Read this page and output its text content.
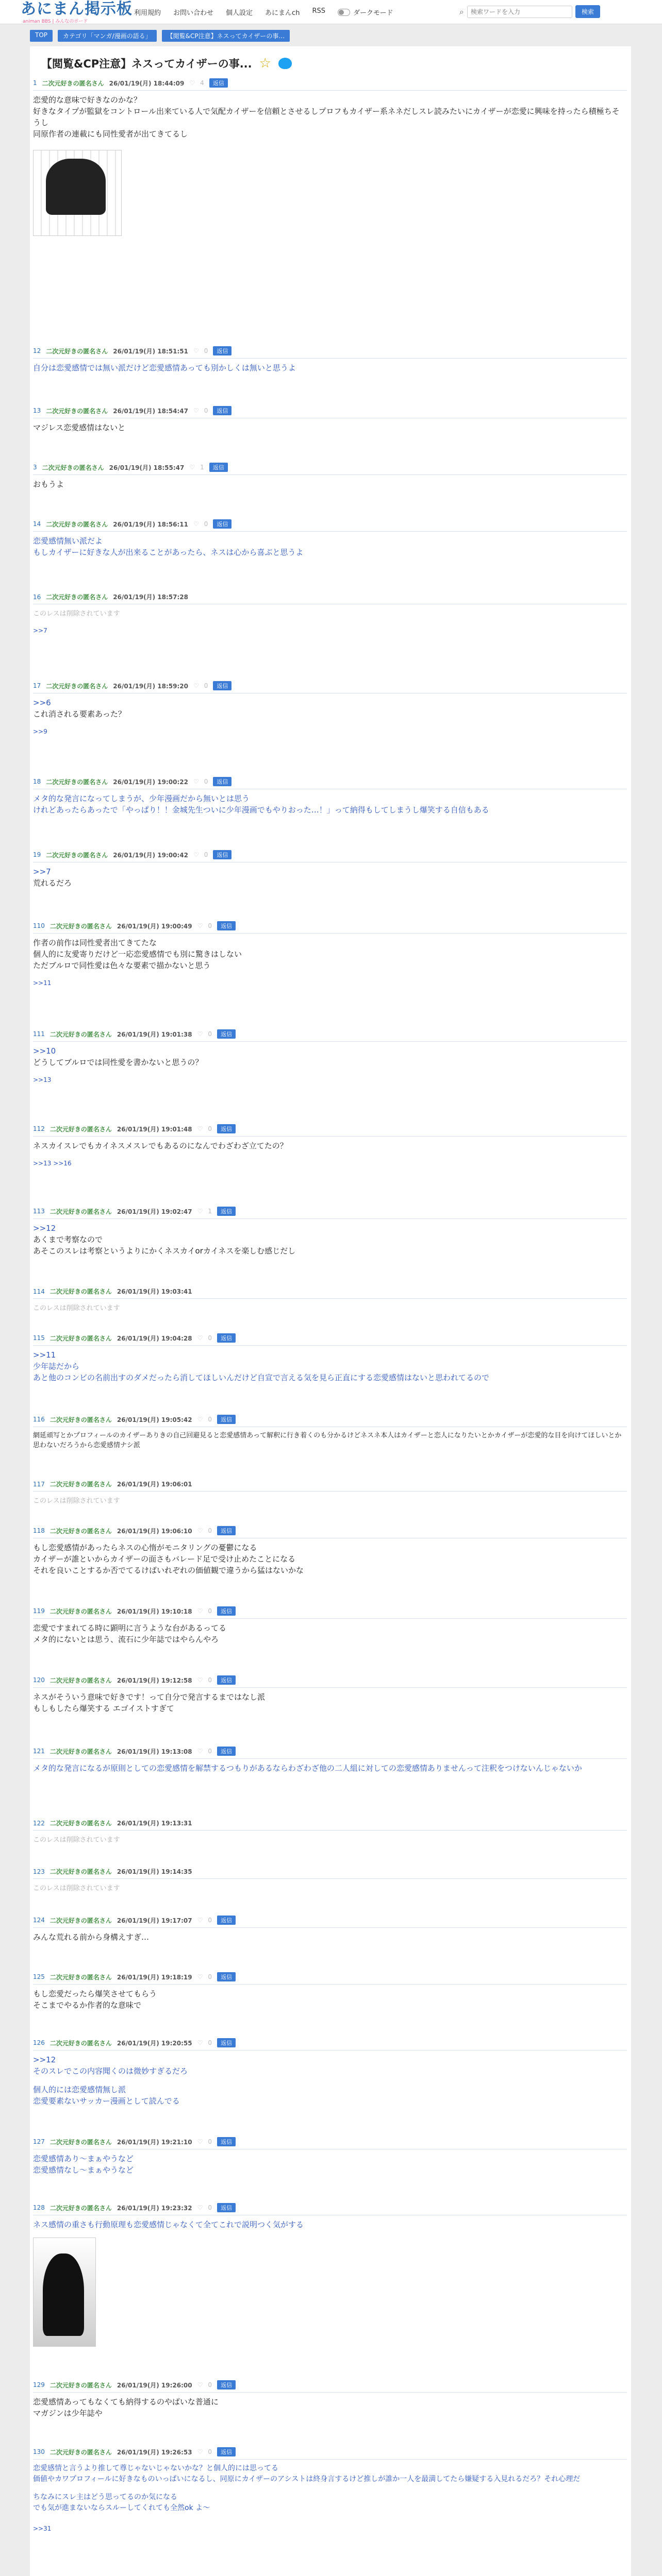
あにまん掲示板
animan BBS | みんなのボード
利用規約 お問い合わせ 個人設定 あにまんch RSS	ダークモード	⌕
検索ワードを入力	検索
TOP	カテゴリ「マンガ/漫画の語る」	【閲覧&CP注意】ネスってカイザーの事…
【閲覧&CP注意】ネスってカイザーの事... ☆
1 二次元好きの匿名さん 26/01/19(月) 18:44:09 ♡ 4	返信
恋愛的な意味で好きなのかな？
好きなタイプが監獄をコントロール出来ている人で気配カイザーを信頼とさせるしプロフもカイザー系ネネだしスレ読みたいにカイザーが恋愛に興味を持ったら積極ちそうし
同原作者の連載にも同性愛者が出てきてるし
12 二次元好きの匿名さん 26/01/19(月) 18:51:51 ♡ 0	返信
自分は恋愛感情では無い派だけど恋愛感情あっても別かしくは無いと思うよ
13 二次元好きの匿名さん 26/01/19(月) 18:54:47 ♡ 0	返信
マジレス恋愛感情はないと
3 二次元好きの匿名さん 26/01/19(月) 18:55:47 ♡ 1	返信
おもうよ
14 二次元好きの匿名さん 26/01/19(月) 18:56:11 ♡ 0	返信
恋愛感情無い派だよ
もしカイザーに好きな人が出来ることがあったら、ネスは心から喜ぶと思うよ
16 二次元好きの匿名さん 26/01/19(月) 18:57:28
このレスは削除されています
>>7
17 二次元好きの匿名さん 26/01/19(月) 18:59:20 ♡ 0	返信
>>6
これ消される要素あった？
>>9
18 二次元好きの匿名さん 26/01/19(月) 19:00:22 ♡ 0	返信
メタ的な発言になってしまうが、少年漫画だから無いとは思う
けれどあったらあったで「やっぱり！！金城先生ついに少年漫画でもやりおった…！」って納得もしてしまうし爆笑する自信もある
19 二次元好きの匿名さん 26/01/19(月) 19:00:42 ♡ 0	返信
>>7
荒れるだろ
110 二次元好きの匿名さん 26/01/19(月) 19:00:49 ♡ 0	返信
作者の前作は同性愛者出てきてたな
個人的に友愛寄りだけど一応恋愛感情でも別に驚きはしない
ただブルロで同性愛は色々な要素で描かないと思う
>>11
111 二次元好きの匿名さん 26/01/19(月) 19:01:38 ♡ 0	返信
>>10
どうしてブルロでは同性愛を書かないと思うの？
>>13
112 二次元好きの匿名さん 26/01/19(月) 19:01:48 ♡ 0	返信
ネスカイスレでもカイネスメスレでもあるのになんでわざわざ立てたの？
>>13 >>16
113 二次元好きの匿名さん 26/01/19(月) 19:02:47 ♡ 1	返信
>>12
あくまで考察なので
あそこのスレは考察というよりにかくネスカイorカイネスを楽しむ感じだし
114 二次元好きの匿名さん 26/01/19(月) 19:03:41
このレスは削除されています
115 二次元好きの匿名さん 26/01/19(月) 19:04:28 ♡ 0	返信
>>11
少年誌だから
あと他のコンビの名前出すのダメだったら消してほしいんだけど自宣で言える気を見ら正直にする恋愛感情はないと思われてるので
116 二次元好きの匿名さん 26/01/19(月) 19:05:42 ♡ 0	返信
網延頑写とかプロフィールのカイザーありきの自己回避見ると恋愛感情あって解釈に行き着くのも分かるけどネスネ本人はカイザーと恋人になりたいとかカイザーが恋愛的な目を向けてほしいとか思わないだろうから恋愛感情ナシ派
117 二次元好きの匿名さん 26/01/19(月) 19:06:01
このレスは削除されています
118 二次元好きの匿名さん 26/01/19(月) 19:06:10 ♡ 0	返信
もし恋愛感情があったらネスの心惰がモニタリングの憂鬱になる
カイザーが誰といからカイザーの面さもバレード足で受け止めたことになる
それを良いことするか否でてるけばいれぞれの価値観で違うから猛はないかな
119 二次元好きの匿名さん 26/01/19(月) 19:10:18 ♡ 0	返信
恋愛ですまれてる時に顕明に言うような台があるってる
メタ的にないとは思う、流石に少年誌ではやらんやろ
120 二次元好きの匿名さん 26/01/19(月) 19:12:58 ♡ 0	返信
ネスがそういう意味で好きです！って自分で発言するまではなし派
もしもしたら爆笑する エゴイストすぎて
121 二次元好きの匿名さん 26/01/19(月) 19:13:08 ♡ 0	返信
メタ的な発言になるが原則としての恋愛感情を解禁するつもりがあるならわざわざ他の二人組に対しての恋愛感情ありませんって注釈をつけないんじゃないか
122 二次元好きの匿名さん 26/01/19(月) 19:13:31
このレスは削除されています
123 二次元好きの匿名さん 26/01/19(月) 19:14:35
このレスは削除されています
124 二次元好きの匿名さん 26/01/19(月) 19:17:07 ♡ 0	返信
みんな荒れる前から身構えすぎ…
125 二次元好きの匿名さん 26/01/19(月) 19:18:19 ♡ 0	返信
もし恋愛だったら爆笑させてもらう
そこまでやるか作者的な意味で
126 二次元好きの匿名さん 26/01/19(月) 19:20:55 ♡ 0	返信
>>12
そのスレでこの内容聞くのは微妙すぎるだろ
個人的には恋愛感情無し派
恋愛要素ないサッカー漫画として読んでる
127 二次元好きの匿名さん 26/01/19(月) 19:21:10 ♡ 0	返信
恋愛感情あり〜まぁやうなど
恋愛感情なし〜まぁやうなど
128 二次元好きの匿名さん 26/01/19(月) 19:23:32 ♡ 0	返信
ネス感情の重さも行動原理も恋愛感情じゃなくて全てこれで説明つく気がする
129 二次元好きの匿名さん 26/01/19(月) 19:26:00 ♡ 0	返信
恋愛感情あってもなくても納得するのやばいな普通に
マガジンは少年誌や
130 二次元好きの匿名さん 26/01/19(月) 19:26:53 ♡ 0	返信
恋愛感情と言うより推して尊じゃないじゃないかな？と個人的には思ってる
価値やカワプロフィールに好きなものいっぱいになるし、同原にカイザーのアシストは終身言するけど推しが誰か一人を最満してたら嫌疑する入見れるだろ？それ心理だ
ちなみにスレ主はどう思ってるのか気になる
でも気が進まないならスルーしてくれても全然ok よ〜
>>31
